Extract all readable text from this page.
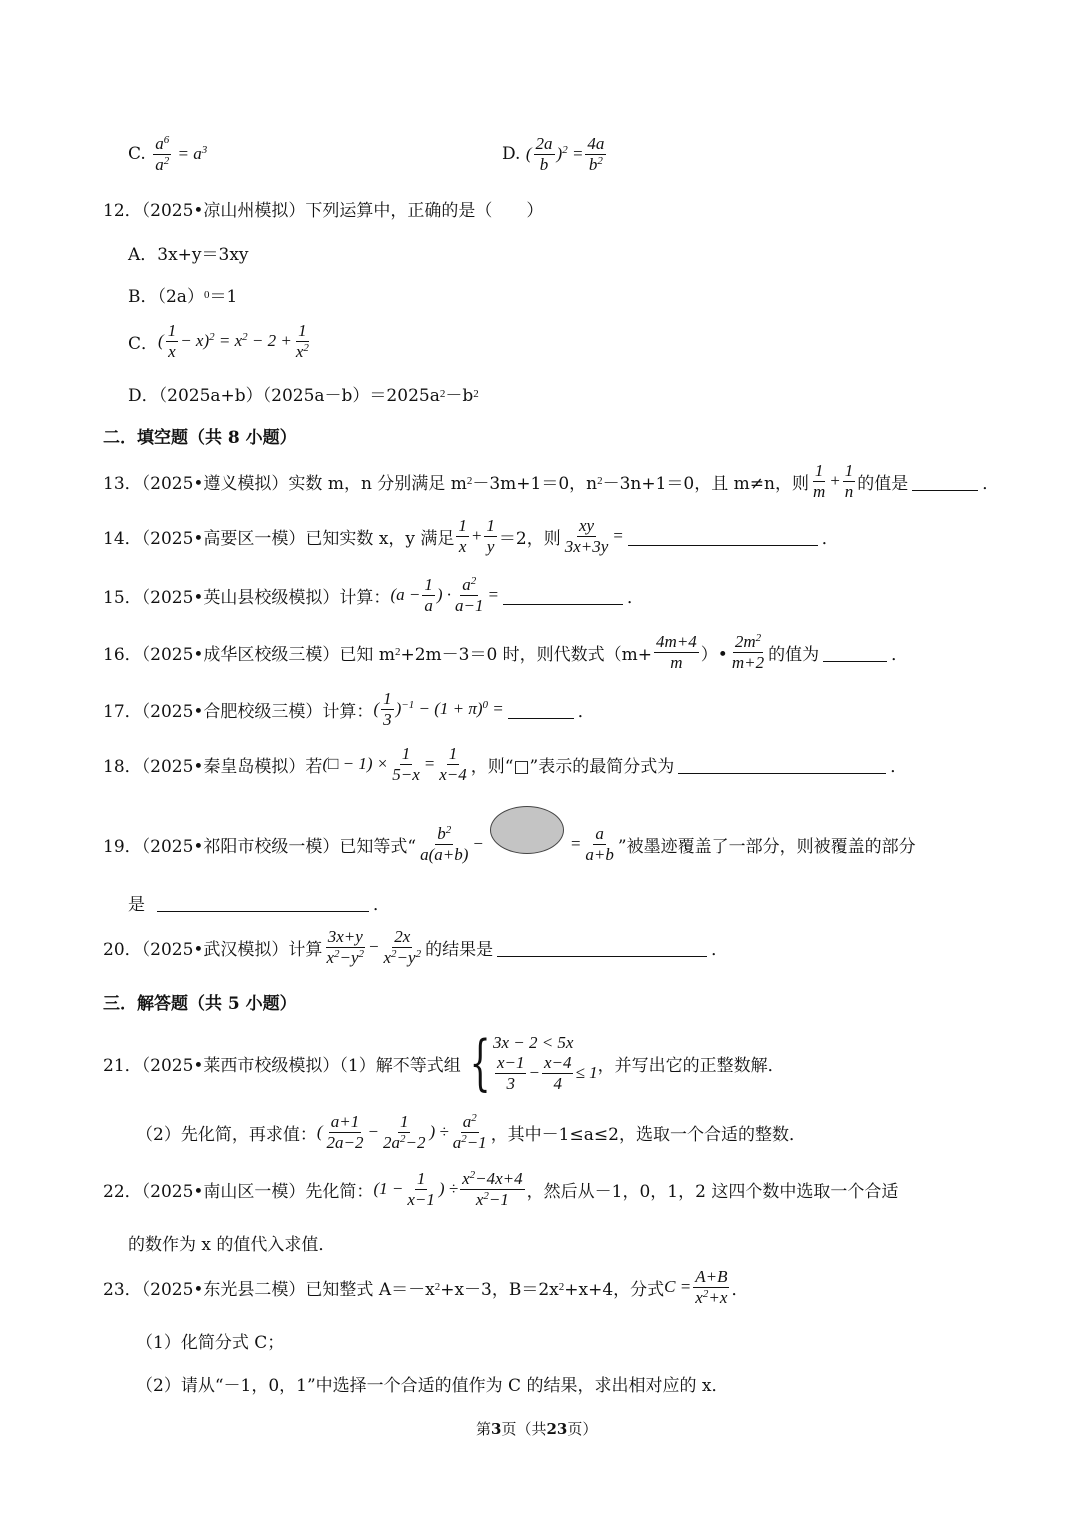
C.
$\frac{a^6}{a^2} = a^3$	D.
( $\frac{2a}{b} )^2 = \frac{4a}{b^2}$
12．（2025•凉山州模拟）下列运算中，正确的是（　　）
A．3x+y＝3xy
B．（2a） 0 ＝1
C． ( $\frac{1}{x} - x)^2 = x^2 - 2 + \frac{1}{x^2}$
D．（2025a+b）（2025a－b）＝2025a 2 －b 2
二．填空题（共 8 小题）
13．（2025•遵义模拟）实数 m，n 分别满足 m 2 －3m+1＝0，n 2 －3n+1＝0，且 m≠n，则 $\frac{1}{m} + \frac{1}{n}$ 的值是	．
14．（2025•高要区一模）已知实数 x，y 满足 $\frac{1}{x} + \frac{1}{y} =2$，则 $\frac{xy}{3x+3y}$ =	．
15．（2025•英山县校级模拟）计算： ($a - \frac{1}{a}$ ) · $\frac{a^2}{a-1}$ =	．
16．（2025•成华区校级三模）已知 m 2 +2m－3＝0 时，则代数式（$m+ \frac{4m+4}{m}$ ）• $\frac{2m^2}{m+2}$ 的值为	．
17．（2025•合肥校级三模）计算： ( $\frac{1}{3} )^{-1} - (1 + \pi)^0$ =	．
18．（2025•秦皇岛模拟）若 (□ − $1) \times \frac{1}{5-x} = \frac{1}{x-4}$ ，则“□”表示的最简分式为	．
19．（2025•祁阳市校级一模）已知等式“ $\frac{b^2}{a(a+b)}$ −	= $\frac{a}{a+b}$ ”被墨迹覆盖了一部分，则被覆盖的部分
是	．
20．（2025•武汉模拟）计算 $\frac{3x+y}{x^2-y^2} - \frac{2x}{x^2-y^2}$ 的结果是	．
三．解答题（共 5 小题）
21．（2025•莱西市校级模拟）（1）解不等式组 { 3x − 2 < 5x
$\frac{x-1}{3} - \frac{x-4}{4} \le 1$ ，并写出它的正整数解．
（2）先化简，再求值： ( $\frac{a+1}{2a-2} - \frac{1}{2a^2-2}$ ) ÷ $\frac{a^2}{a^2-1}$ ，其中－1≤a≤2，选取一个合适的整数．
22．（2025•南山区一模）先化简： ($1 - \frac{1}{x-1}$ ) ÷ $\frac{x^2-4x+4}{x^2-1}$ ，然后从－1，0，1，2 这四个数中选取一个合适
的数作为 x 的值代入求值．
23．（2025•东光县二模）已知整式 A＝－x 2 +x－3，B＝2x 2 +x+4，分式 $C = \frac{A+B}{x^2+x}$ ．
（1）化简分式 C；
（2）请从“－1，0，1”中选择一个合适的值作为 C 的结果，求出相对应的 x．
第 3 页（共 23 页）
